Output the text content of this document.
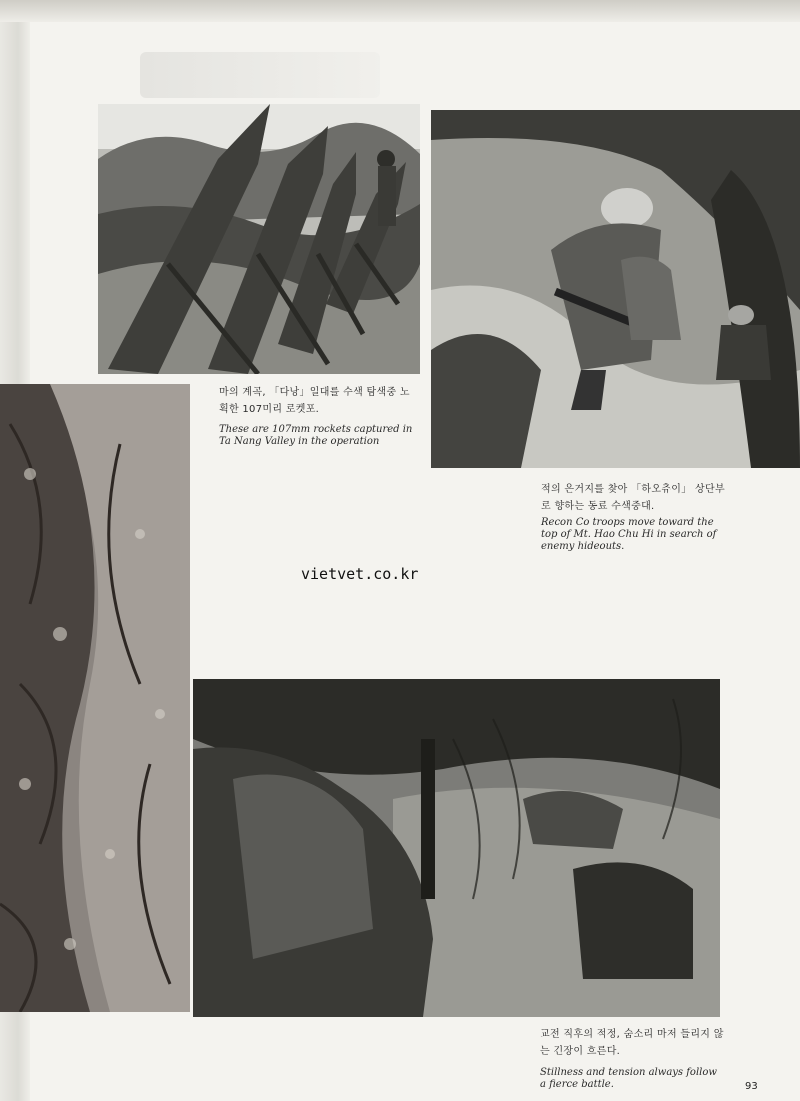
마의 계곡, 「다낭」일대를 수색 탐색중 노획한 107미리 로켓포.
These are 107mm rockets captured in Ta Nang Valley in the operation
적의 은거지를 찾아 「하오츄이」 상단부로 향하는 동료 수색중대.
Recon Co troops move toward the top of Mt. Hao Chu Hi in search of enemy hideouts.
교전 직후의 적정, 숨소리 마저 들리지 않는 긴장이 흐른다.
Stillness and tension always follow a fierce battle.
vietvet.co.kr
93
